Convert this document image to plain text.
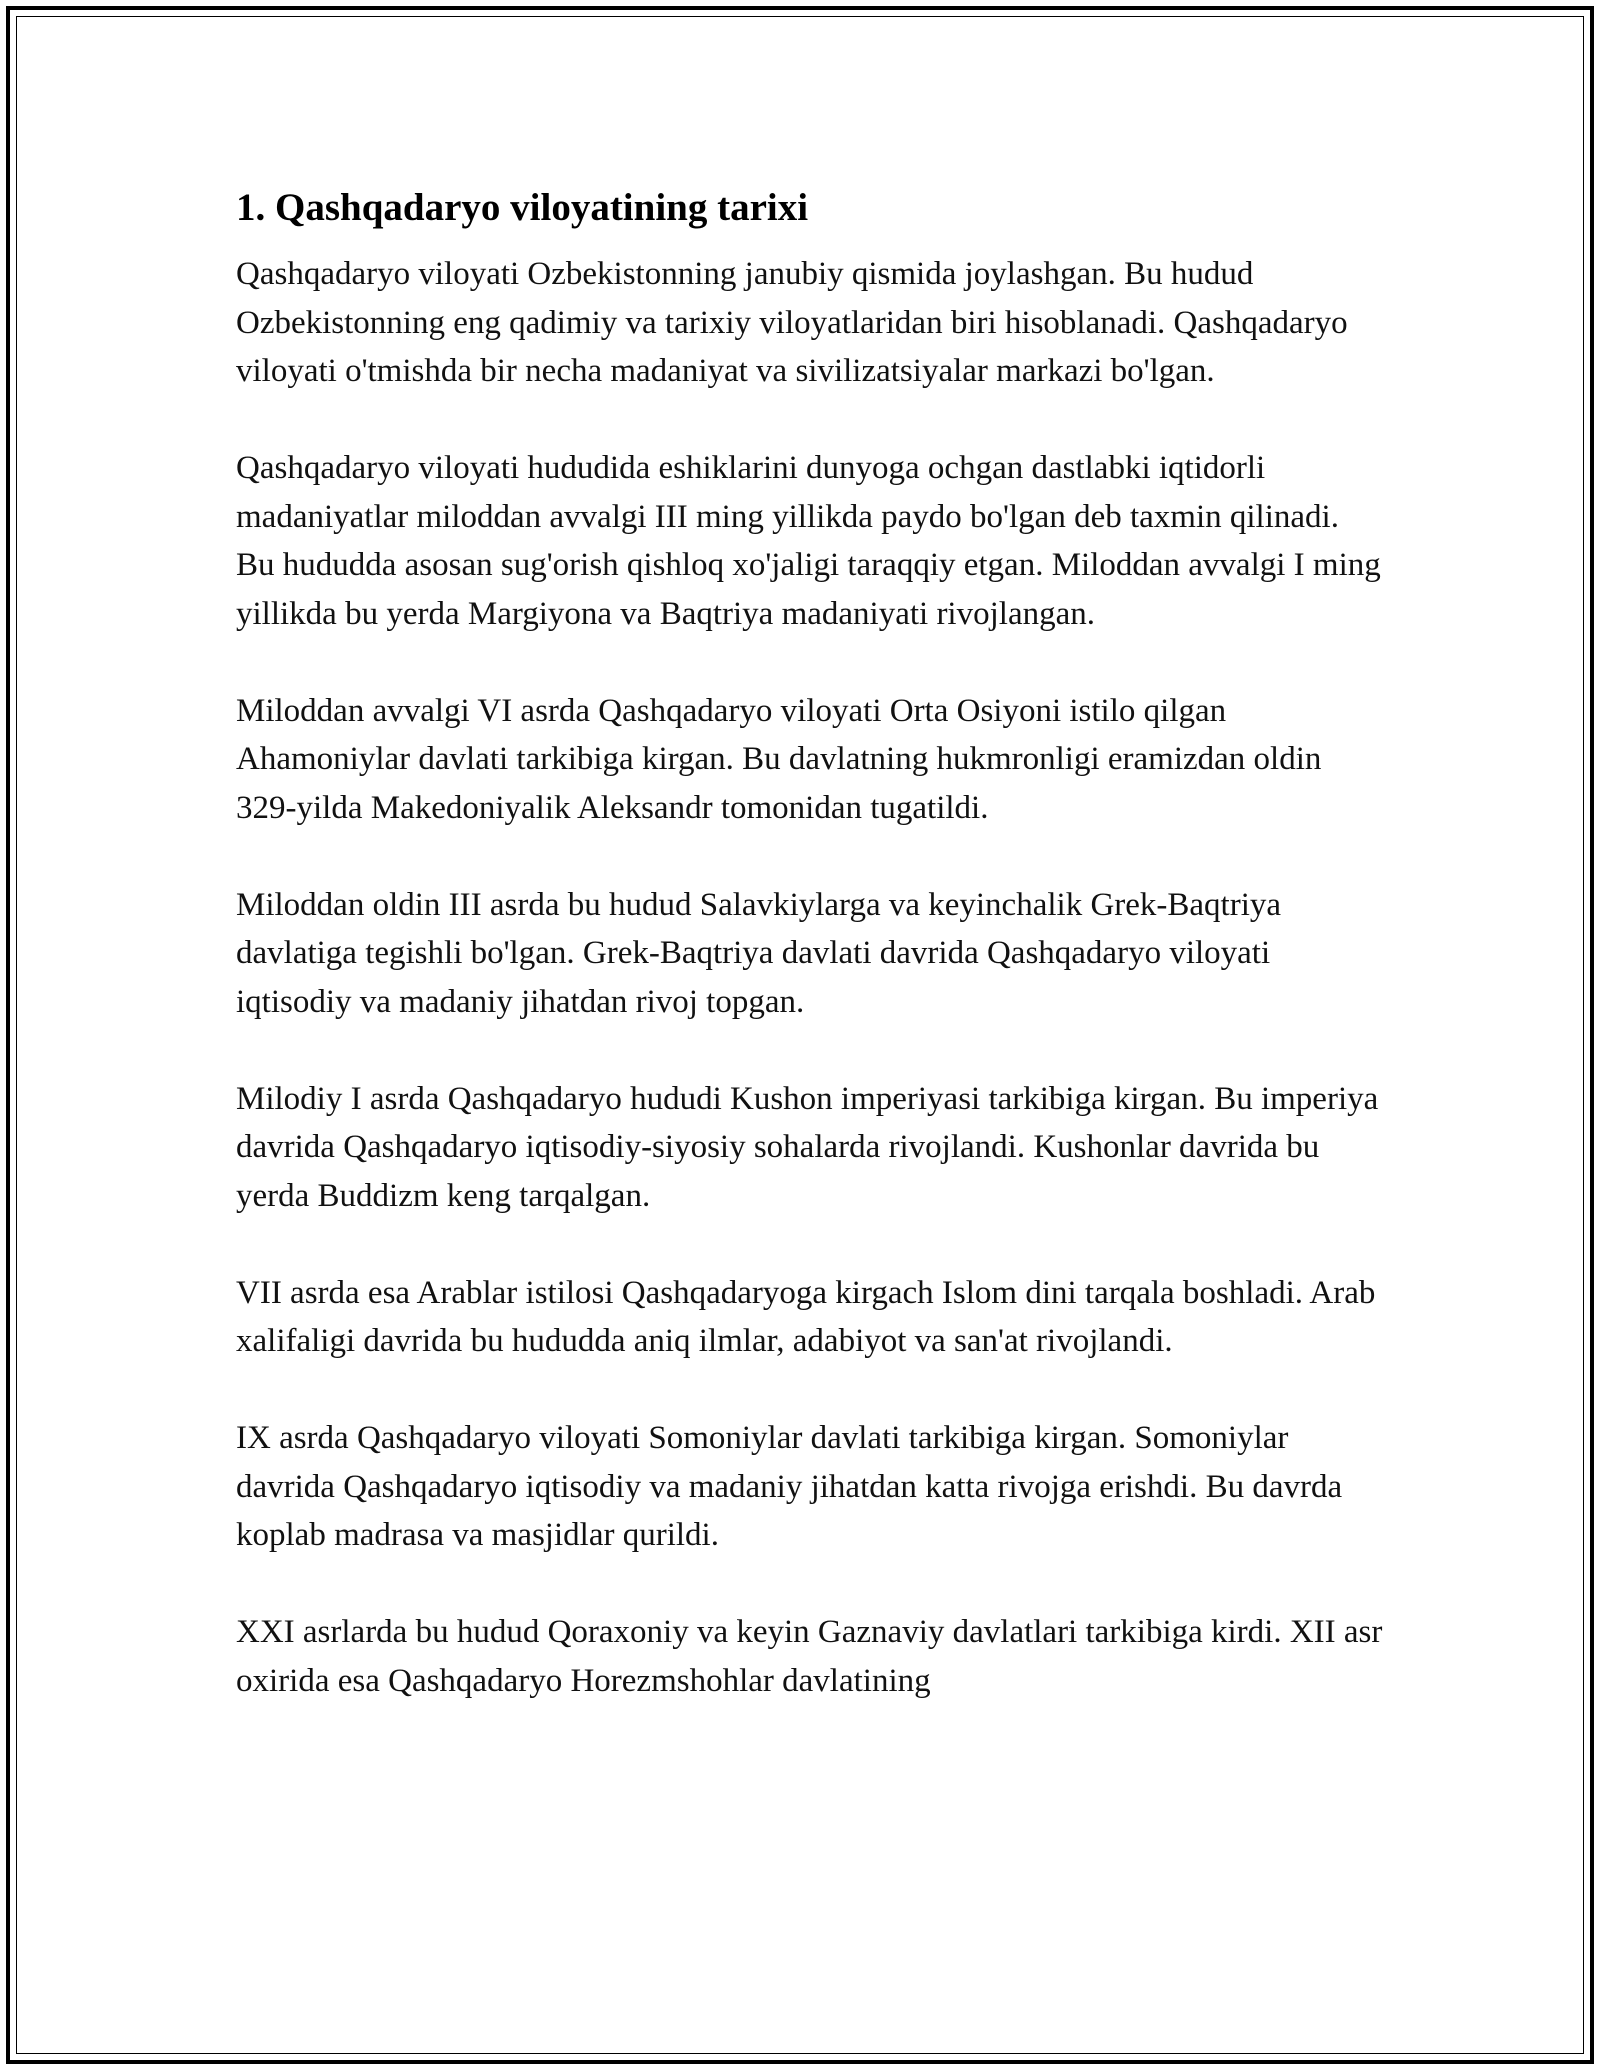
1. Qashqadaryo viloyatining tarixi

Qashqadaryo viloyati Ozbekistonning janubiy qismida joylashgan. Bu hudud Ozbekistonning eng qadimiy va tarixiy viloyatlaridan biri hisoblanadi. Qashqadaryo viloyati o'tmishda bir necha madaniyat va sivilizatsiyalar markazi bo'lgan.

Qashqadaryo viloyati hududida eshiklarini dunyoga ochgan dastlabki iqtidorli madaniyatlar miloddan avvalgi III ming yillikda paydo bo'lgan deb taxmin qilinadi. Bu hududda asosan sug'orish qishloq xo'jaligi taraqqiy etgan. Miloddan avvalgi I ming yillikda bu yerda Margiyona va Baqtriya madaniyati rivojlangan.

Miloddan avvalgi VI asrda Qashqadaryo viloyati Orta Osiyoni istilo qilgan Ahamoniylar davlati tarkibiga kirgan. Bu davlatning hukmronligi eramizdan oldin 329-yilda Makedoniyalik Aleksandr tomonidan tugatildi.

Miloddan oldin III asrda bu hudud Salavkiylarga va keyinchalik Grek-Baqtriya davlatiga tegishli bo'lgan. Grek-Baqtriya davlati davrida Qashqadaryo viloyati iqtisodiy va madaniy jihatdan rivoj topgan.

Milodiy I asrda Qashqadaryo hududi Kushon imperiyasi tarkibiga kirgan. Bu imperiya davrida Qashqadaryo iqtisodiy-siyosiy sohalarda rivojlandi. Kushonlar davrida bu yerda Buddizm keng tarqalgan.

VII asrda esa Arablar istilosi Qashqadaryoga kirgach Islom dini tarqala boshladi. Arab xalifaligi davrida bu hududda aniq ilmlar, adabiyot va san'at rivojlandi.

IX asrda Qashqadaryo viloyati Somoniylar davlati tarkibiga kirgan. Somoniylar davrida Qashqadaryo iqtisodiy va madaniy jihatdan katta rivojga erishdi. Bu davrda koplab madrasa va masjidlar qurildi.

XXI asrlarda bu hudud Qoraxoniy va keyin Gaznaviy davlatlari tarkibiga kirdi. XII asr oxirida esa Qashqadaryo Horezmshohlar davlatining
